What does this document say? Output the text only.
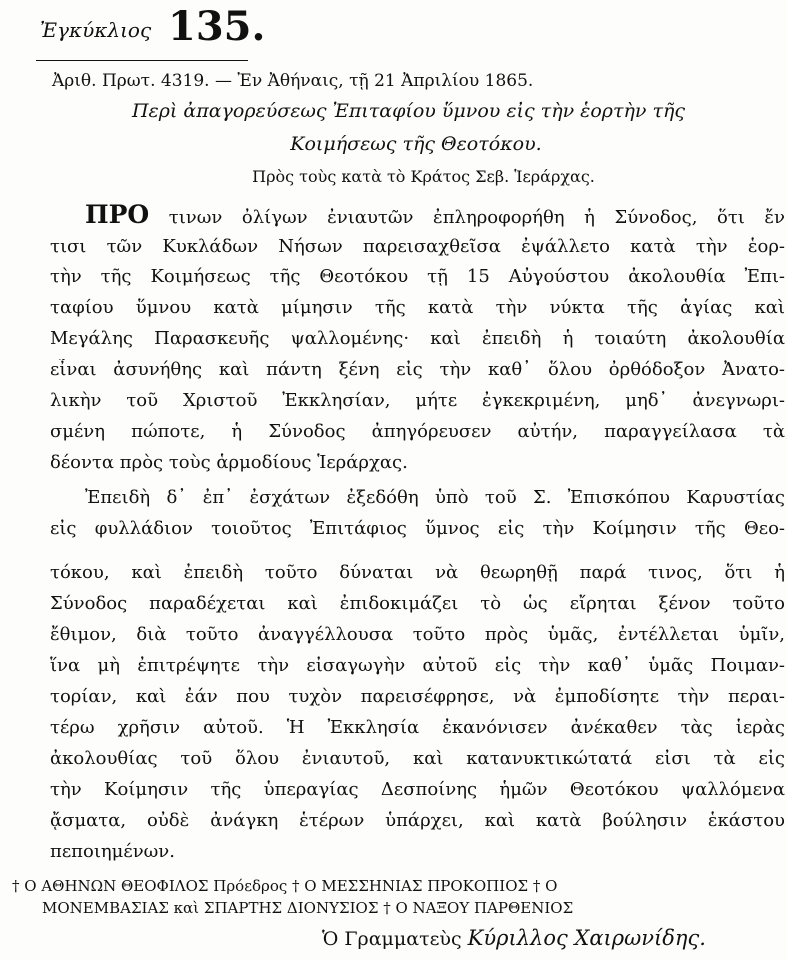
Ἐγκύκλιος 135.
Ἀριθ. Πρωτ. 4319. — Ἐν Ἀθήναις, τῇ 21 Ἀπριλίου 1865.
Περὶ ἀπαγορεύσεως Ἐπιταφίου ὕμνου εἰς τὴν ἑορτὴν τῆς
Κοιμήσεως τῆς Θεοτόκου.
Πρὸς τοὺς κατὰ τὸ Κράτος Σεβ. Ἱεράρχας.
ΠΡΟ τινων ὀλίγων ἐνιαυτῶν ἐπληροφορήθη ἡ Σύνοδος, ὅτι ἔν
τισι τῶν Κυκλάδων Νήσων παρεισαχθεῖσα ἐψάλλετο κατὰ τὴν ἑορ-
τὴν τῆς Κοιμήσεως τῆς Θεοτόκου τῇ 15 Αὐγούστου ἀκολουθία Ἐπι-
ταφίου ὕμνου κατὰ μίμησιν τῆς κατὰ τὴν νύκτα τῆς ἁγίας καὶ
Μεγάλης Παρασκευῆς ψαλλομένης· καὶ ἐπειδὴ ἡ τοιαύτη ἀκολουθία
εἶναι ἀσυνήθης καὶ πάντη ξένη εἰς τὴν καθ᾽ ὅλου ὀρθόδοξον Ἀνατο-
λικὴν τοῦ Χριστοῦ Ἐκκλησίαν, μήτε ἐγκεκριμένη, μηδ᾽ ἀνεγνωρι-
σμένη πώποτε, ἡ Σύνοδος ἀπηγόρευσεν αὐτήν, παραγγείλασα τὰ
δέοντα πρὸς τοὺς ἁρμοδίους Ἱεράρχας.
Ἐπειδὴ δ᾽ ἐπ᾽ ἐσχάτων ἐξεδόθη ὑπὸ τοῦ Σ. Ἐπισκόπου Καρυστίας
εἰς φυλλάδιον τοιοῦτος Ἐπιτάφιος ὕμνος εἰς τὴν Κοίμησιν τῆς Θεο-
τόκου, καὶ ἐπειδὴ τοῦτο δύναται νὰ θεωρηθῇ παρά τινος, ὅτι ἡ
Σύνοδος παραδέχεται καὶ ἐπιδοκιμάζει τὸ ὡς εἴρηται ξένον τοῦτο
ἔθιμον, διὰ τοῦτο ἀναγγέλλουσα τοῦτο πρὸς ὑμᾶς, ἐντέλλεται ὑμῖν,
ἵνα μὴ ἐπιτρέψητε τὴν εἰσαγωγὴν αὐτοῦ εἰς τὴν καθ᾽ ὑμᾶς Ποιμαν-
τορίαν, καὶ ἐάν που τυχὸν παρεισέφρησε, νὰ ἐμποδίσητε τὴν περαι-
τέρω χρῆσιν αὐτοῦ. Ἡ Ἐκκλησία ἐκανόνισεν ἀνέκαθεν τὰς ἱερὰς
ἀκολουθίας τοῦ ὅλου ἐνιαυτοῦ, καὶ κατανυκτικώτατά εἰσι τὰ εἰς
τὴν Κοίμησιν τῆς ὑπεραγίας Δεσποίνης ἡμῶν Θεοτόκου ψαλλόμενα
ᾄσματα, οὐδὲ ἀνάγκη ἑτέρων ὑπάρχει, καὶ κατὰ βούλησιν ἑκάστου
πεποιημένων.
† Ο ΑΘΗΝΩΝ ΘΕΟΦΙΛΟΣ Πρόεδρος † Ο ΜΕΣΣΗΝΙΑΣ ΠΡΟΚΟΠΙΟΣ † Ο
ΜΟΝΕΜΒΑΣΙΑΣ καὶ ΣΠΑΡΤΗΣ ΔΙΟΝΥΣΙΟΣ † Ο ΝΑΞΟΥ ΠΑΡΘΕΝΙΟΣ
Ὁ Γραμματεὺς Κύριλλος Χαιρωνίδης.
